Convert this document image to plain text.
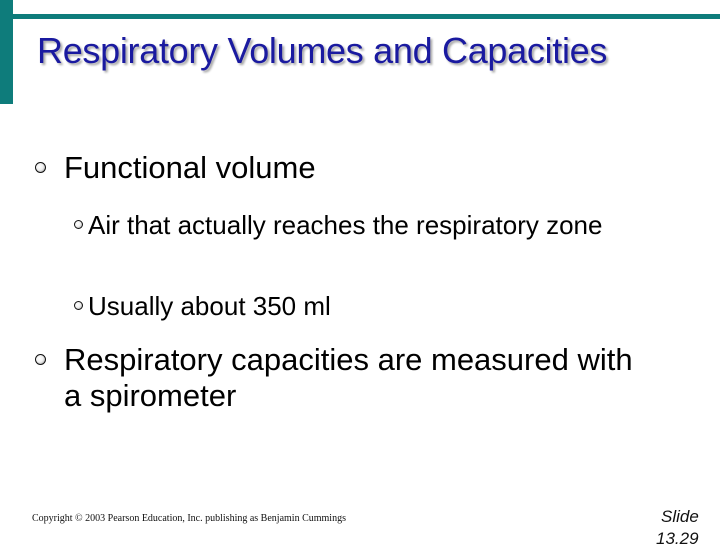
Respiratory Volumes and Capacities
Functional volume
Air that actually reaches the respiratory zone
Usually about 350 ml
Respiratory capacities are measured with a spirometer
Copyright © 2003 Pearson Education, Inc. publishing as Benjamin Cummings	Slide
13.29
